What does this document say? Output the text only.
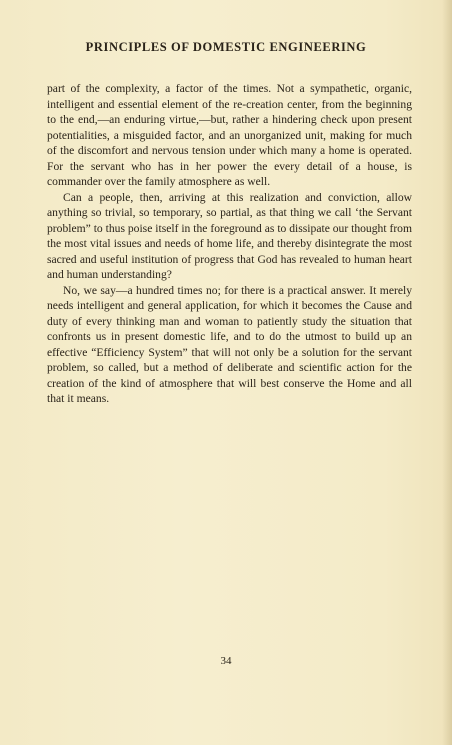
PRINCIPLES OF DOMESTIC ENGINEERING

part of the complexity, a factor of the times. Not a sympathetic, organic, intelligent and essential element of the re-creation center, from the beginning to the end,—an enduring virtue,—but, rather a hindering check upon present potentialities, a misguided factor, and an unorganized unit, making for much of the discomfort and nervous tension under which many a home is operated. For the servant who has in her power the every detail of a house, is commander over the family atmosphere as well.

Can a people, then, arriving at this realization and conviction, allow anything so trivial, so temporary, so partial, as that thing we call ‘the Servant problem” to thus poise itself in the foreground as to dissipate our thought from the most vital issues and needs of home life, and thereby disintegrate the most sacred and useful institution of progress that God has revealed to human heart and human understanding?

No, we say—a hundred times no; for there is a practical answer. It merely needs intelligent and general application, for which it becomes the Cause and duty of every thinking man and woman to patiently study the situation that confronts us in present domestic life, and to do the utmost to build up an effective “Efficiency System” that will not only be a solution for the servant problem, so called, but a method of deliberate and scientific action for the creation of the kind of atmosphere that will best conserve the Home and all that it means.

34
